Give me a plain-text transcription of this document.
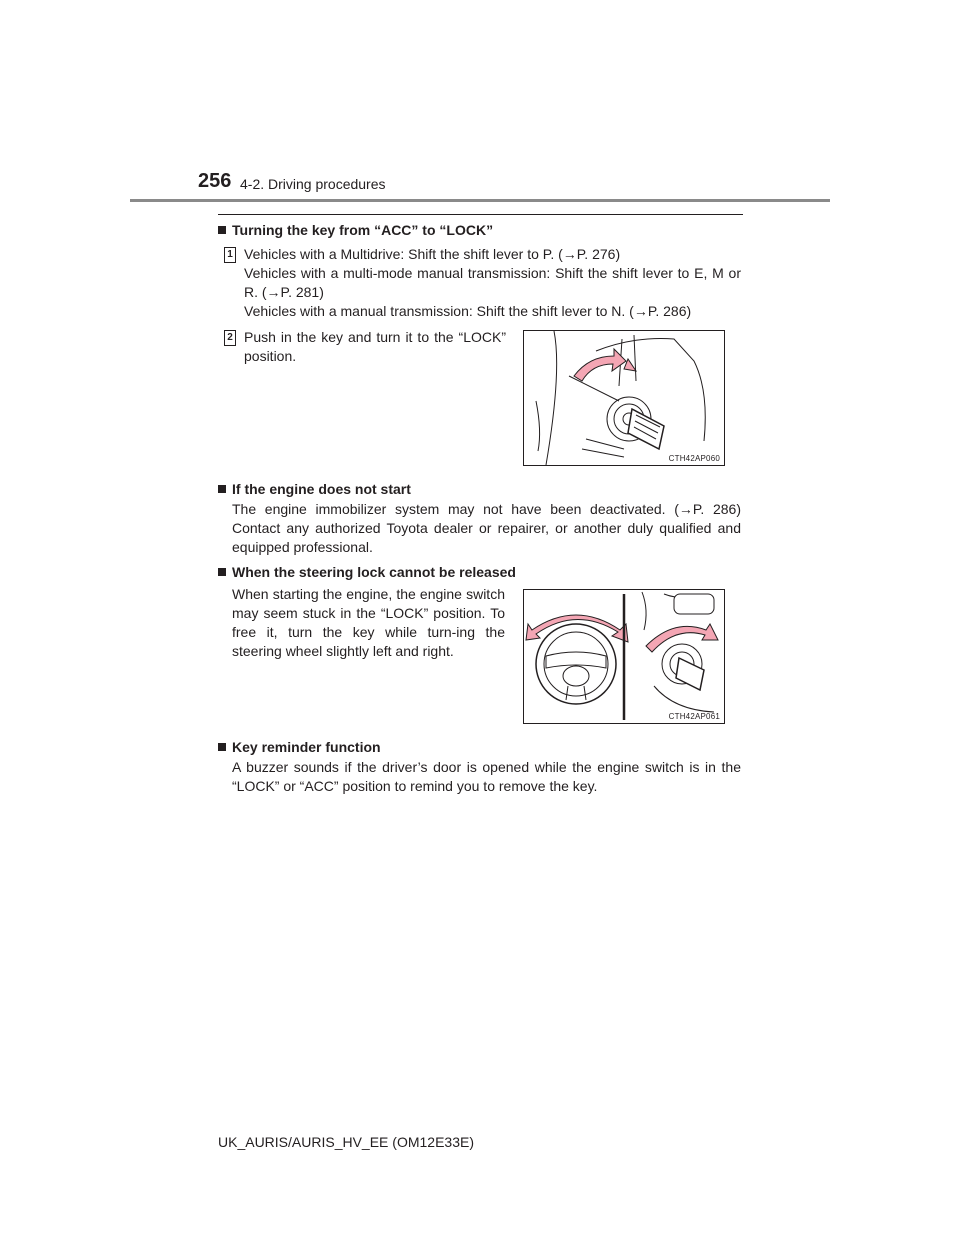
256 4-2. Driving procedures
Turning the key from “ACC” to “LOCK”
1 Vehicles with a Multidrive: Shift the shift lever to P. (→P. 276)

Vehicles with a multi-mode manual transmission: Shift the shift lever to E, M or R. (→P. 281)

Vehicles with a manual transmission: Shift the shift lever to N. (→P. 286)

2 Push in the key and turn it to the “LOCK” position.
CTH42AP060
If the engine does not start
The engine immobilizer system may not have been deactivated. (→P. 286) Contact any authorized Toyota dealer or repairer, or another duly qualified and equipped professional.
When the steering lock cannot be released
When starting the engine, the engine switch may seem stuck in the “LOCK” position. To free it, turn the key while turn-ing the steering wheel slightly left and right.
CTH42AP061
Key reminder function
A buzzer sounds if the driver’s door is opened while the engine switch is in the “LOCK” or “ACC” position to remind you to remove the key.
UK_AURIS/AURIS_HV_EE (OM12E33E)
